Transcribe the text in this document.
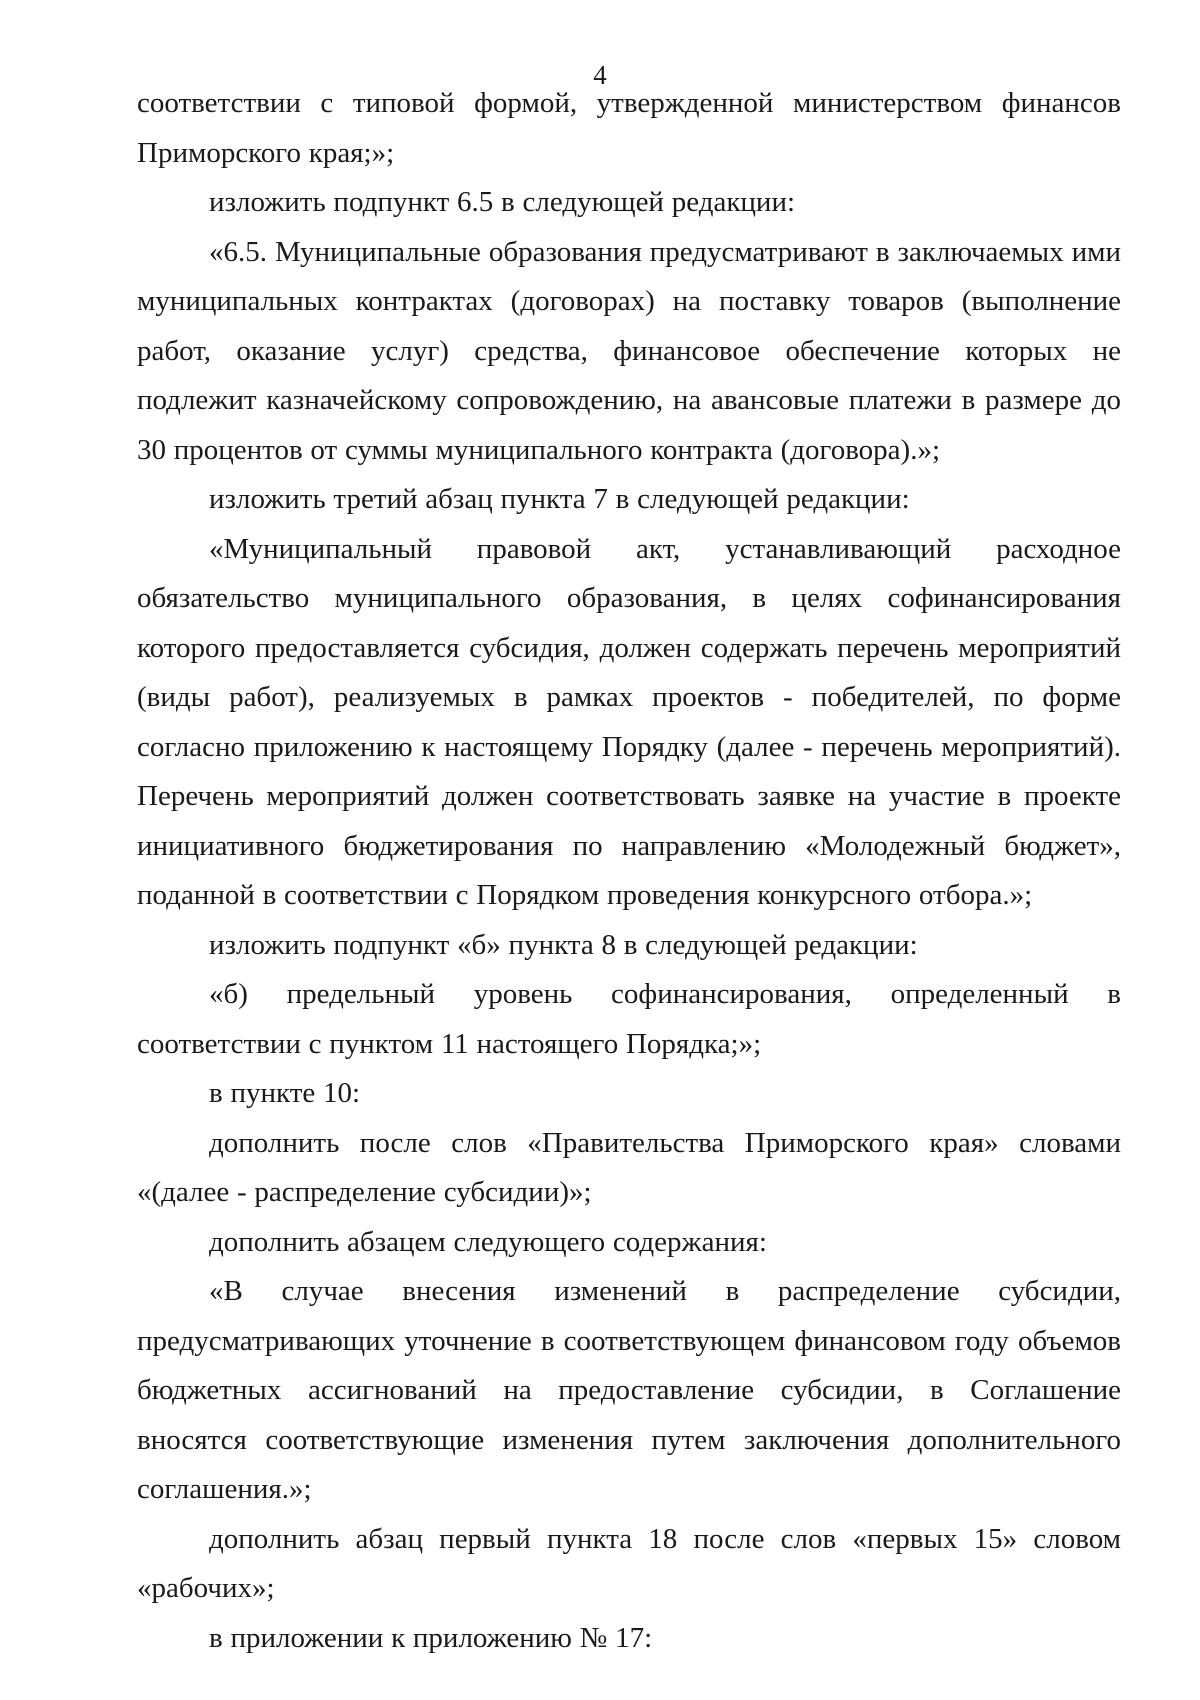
4

соответствии с типовой формой, утвержденной министерством финансов Приморского края;»;

изложить подпункт 6.5 в следующей редакции:

«6.5. Муниципальные образования предусматривают в заключаемых ими муниципальных контрактах (договорах) на поставку товаров (выполнение работ, оказание услуг) средства, финансовое обеспечение которых не подлежит казначейскому сопровождению, на авансовые платежи в размере до 30 процентов от суммы муниципального контракта (договора).»;

изложить третий абзац пункта 7 в следующей редакции:

«Муниципальный правовой акт, устанавливающий расходное обязательство муниципального образования, в целях софинансирования которого предоставляется субсидия, должен содержать перечень мероприятий (виды работ), реализуемых в рамках проектов - победителей, по форме согласно приложению к настоящему Порядку (далее - перечень мероприятий). Перечень мероприятий должен соответствовать заявке на участие в проекте инициативного бюджетирования по направлению «Молодежный бюджет», поданной в соответствии с Порядком проведения конкурсного отбора.»;

изложить подпункт «б» пункта 8 в следующей редакции:

«б) предельный уровень софинансирования, определенный в соответствии с пунктом 11 настоящего Порядка;»;

в пункте 10:

дополнить после слов «Правительства Приморского края» словами «(далее - распределение субсидии)»;

дополнить абзацем следующего содержания:

«В случае внесения изменений в распределение субсидии, предусматривающих уточнение в соответствующем финансовом году объемов бюджетных ассигнований на предоставление субсидии, в Соглашение вносятся соответствующие изменения путем заключения дополнительного соглашения.»;

дополнить абзац первый пункта 18 после слов «первых 15» словом «рабочих»;

в приложении к приложению № 17:
